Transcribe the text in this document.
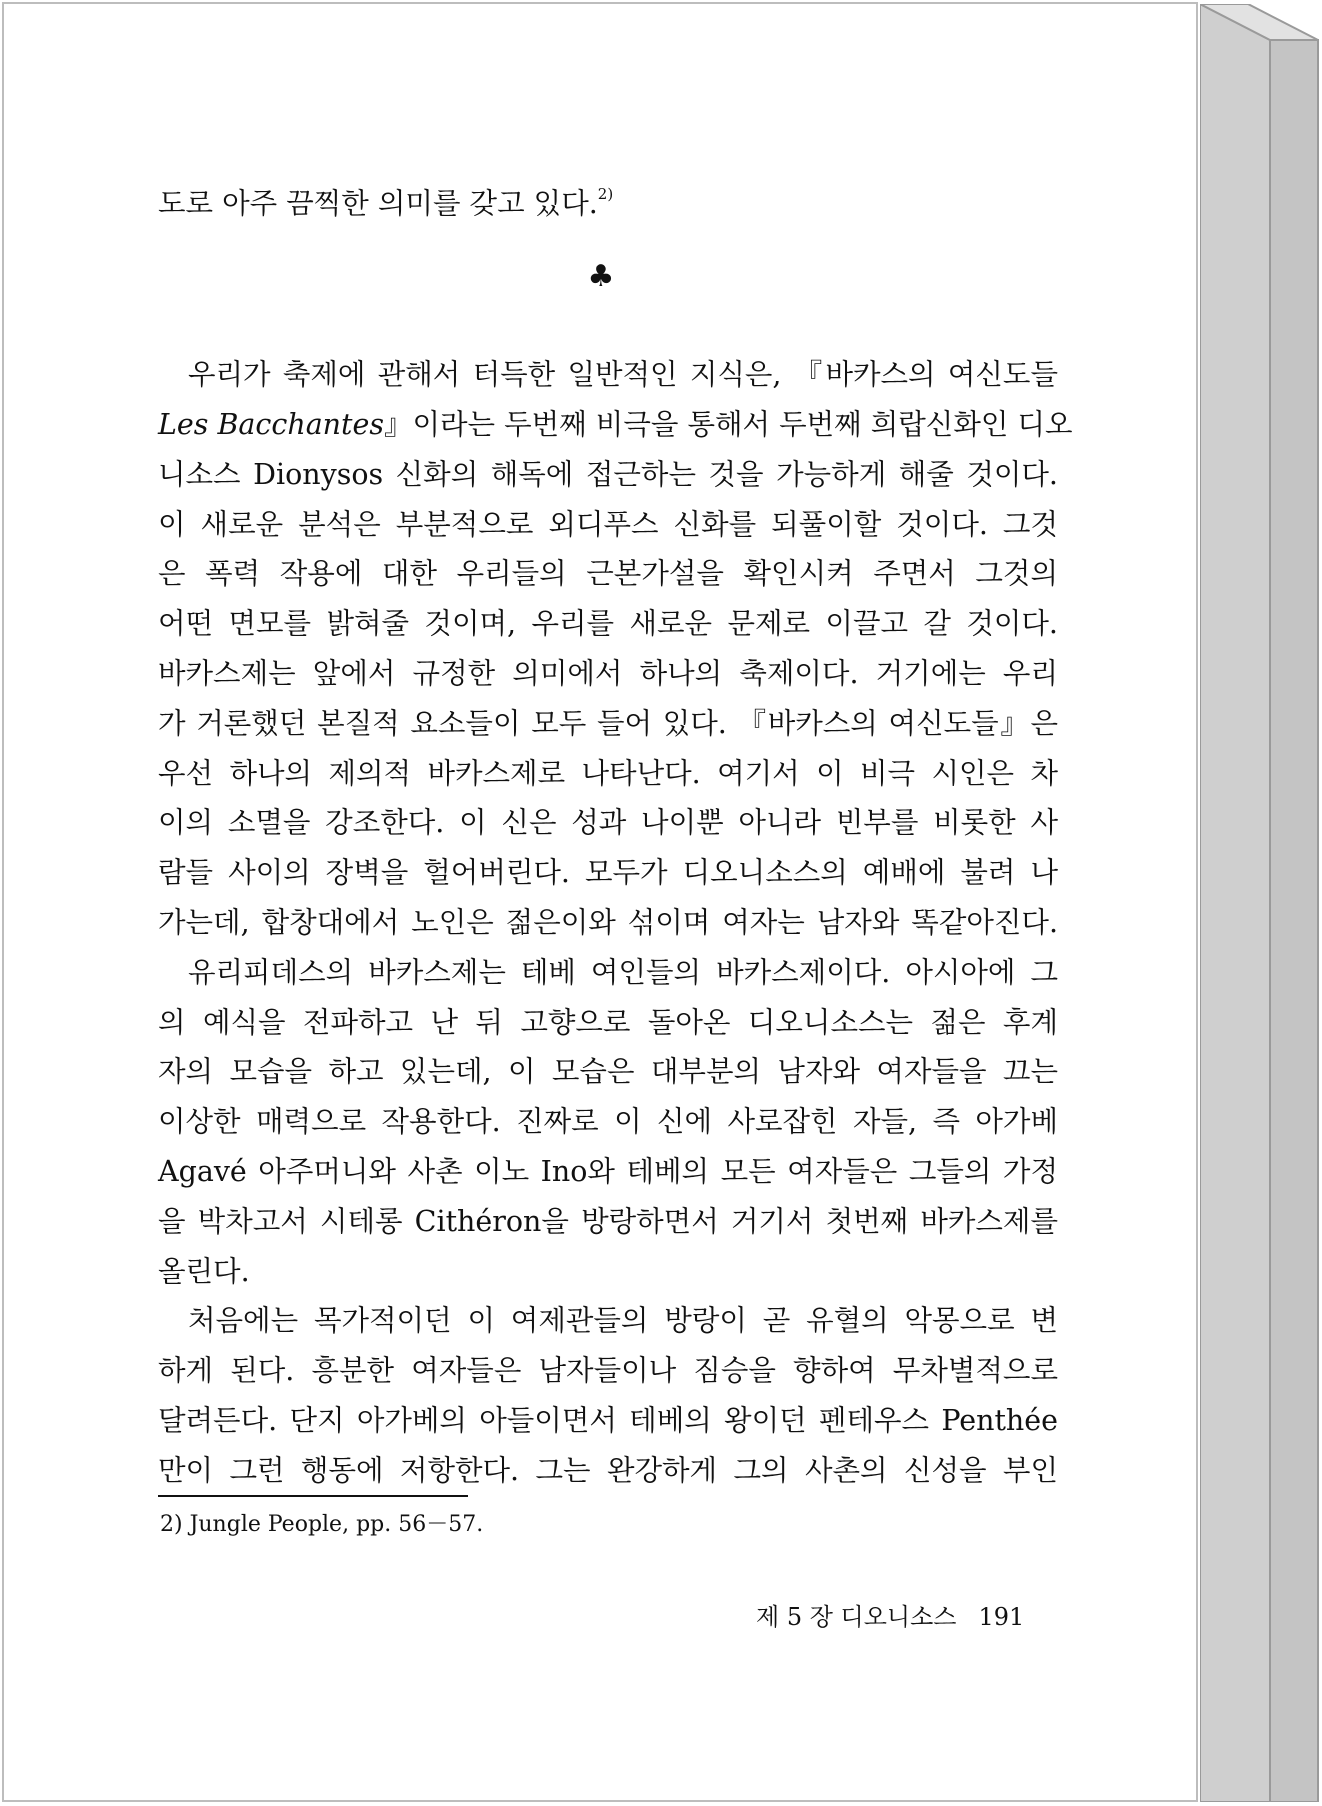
도로 아주 끔찍한 의미를 갖고 있다.$^{2)}$
우리가 축제에 관해서 터득한 일반적인 지식은, 『바카스의 여신도들
Les Bacchantes』이라는 두번째 비극을 통해서 두번째 희랍신화인 디오
니소스 Dionysos 신화의 해독에 접근하는 것을 가능하게 해줄 것이다.
이 새로운 분석은 부분적으로 외디푸스 신화를 되풀이할 것이다. 그것
은 폭력 작용에 대한 우리들의 근본가설을 확인시켜 주면서 그것의
어떤 면모를 밝혀줄 것이며, 우리를 새로운 문제로 이끌고 갈 것이다.
바카스제는 앞에서 규정한 의미에서 하나의 축제이다. 거기에는 우리
가 거론했던 본질적 요소들이 모두 들어 있다. 『바카스의 여신도들』은
우선 하나의 제의적 바카스제로 나타난다. 여기서 이 비극 시인은 차
이의 소멸을 강조한다. 이 신은 성과 나이뿐 아니라 빈부를 비롯한 사
람들 사이의 장벽을 헐어버린다. 모두가 디오니소스의 예배에 불려 나
가는데, 합창대에서 노인은 젊은이와 섞이며 여자는 남자와 똑같아진다.
유리피데스의 바카스제는 테베 여인들의 바카스제이다. 아시아에 그
의 예식을 전파하고 난 뒤 고향으로 돌아온 디오니소스는 젊은 후계
자의 모습을 하고 있는데, 이 모습은 대부분의 남자와 여자들을 끄는
이상한 매력으로 작용한다. 진짜로 이 신에 사로잡힌 자들, 즉 아가베
Agavé 아주머니와 사촌 이노 Ino와 테베의 모든 여자들은 그들의 가정
을 박차고서 시테롱 Cithéron을 방랑하면서 거기서 첫번째 바카스제를
올린다.
처음에는 목가적이던 이 여제관들의 방랑이 곧 유혈의 악몽으로 변
하게 된다. 흥분한 여자들은 남자들이나 짐승을 향하여 무차별적으로
달려든다. 단지 아가베의 아들이면서 테베의 왕이던 펜테우스 Penthée
만이 그런 행동에 저항한다. 그는 완강하게 그의 사촌의 신성을 부인
♣
2) Jungle People, pp. 56－57.
제 5 장 디오니소스 191
